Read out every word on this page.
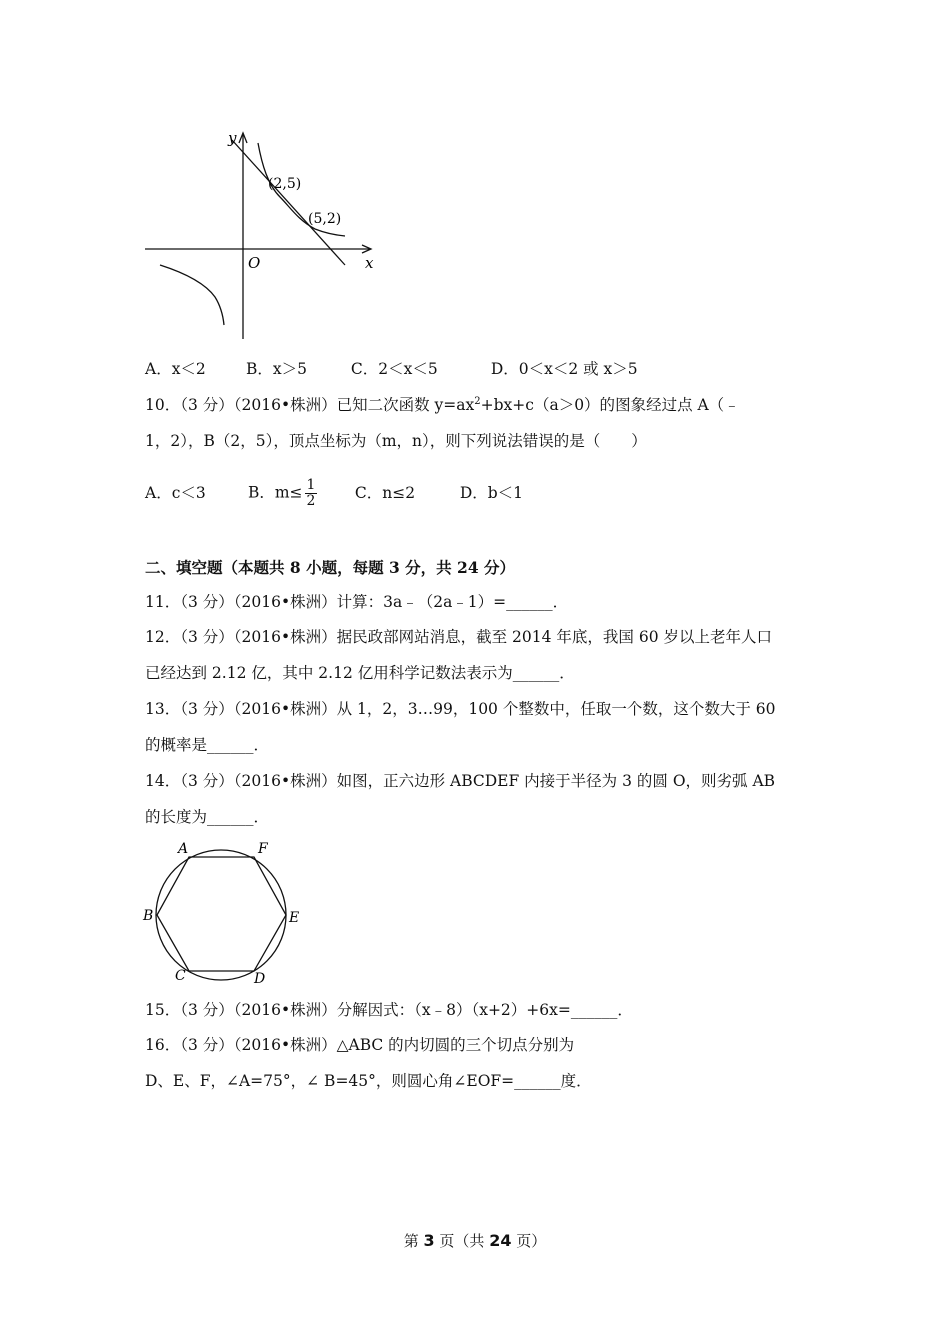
y
x
O
(2,5)
(5,2)
A．x＜2	B．x＞5	C．2＜x＜5	D．0＜x＜2 或 x＞5
10．（3 分）（2016•株洲）已知二次函数 $y=ax^2+bx+c(a>0)$的图象经过点 A（﹣
1，2），B（2，5），顶点坐标为（m，n），则下列说法错误的是（　　）
A．c＜3	B．$m\le \frac{1}{2}$ C．n≤2	D．b＜1
二、填空题（本题共 8 小题，每题 3 分，共 24 分）
11．（3 分）（2016•株洲）计算：3a﹣（2a﹣1）=______．
12．（3 分）（2016•株洲）据民政部网站消息，截至 2014 年底，我国 60 岁以上老年人口
已经达到 2.12 亿，其中 2.12 亿用科学记数法表示为______．
13．（3 分）（2016•株洲）从 1，2，3…99，100 个整数中，任取一个数，这个数大于 60
的概率是______．
14．（3 分）（2016•株洲）如图，正六边形 ABCDEF 内接于半径为 3 的圆 O，则劣弧 AB
的长度为______．
A	F
B	E
C	D
15．（3 分）（2016•株洲）分解因式：（x﹣8）（x+2）+6x=______．
16．（3 分）（2016•株洲）△ABC 的内切圆的三个切点分别为
D、E、F，∠A=75°，∠ B=45°，则圆心角∠EOF=______度．
第 3 页（共 24 页）
